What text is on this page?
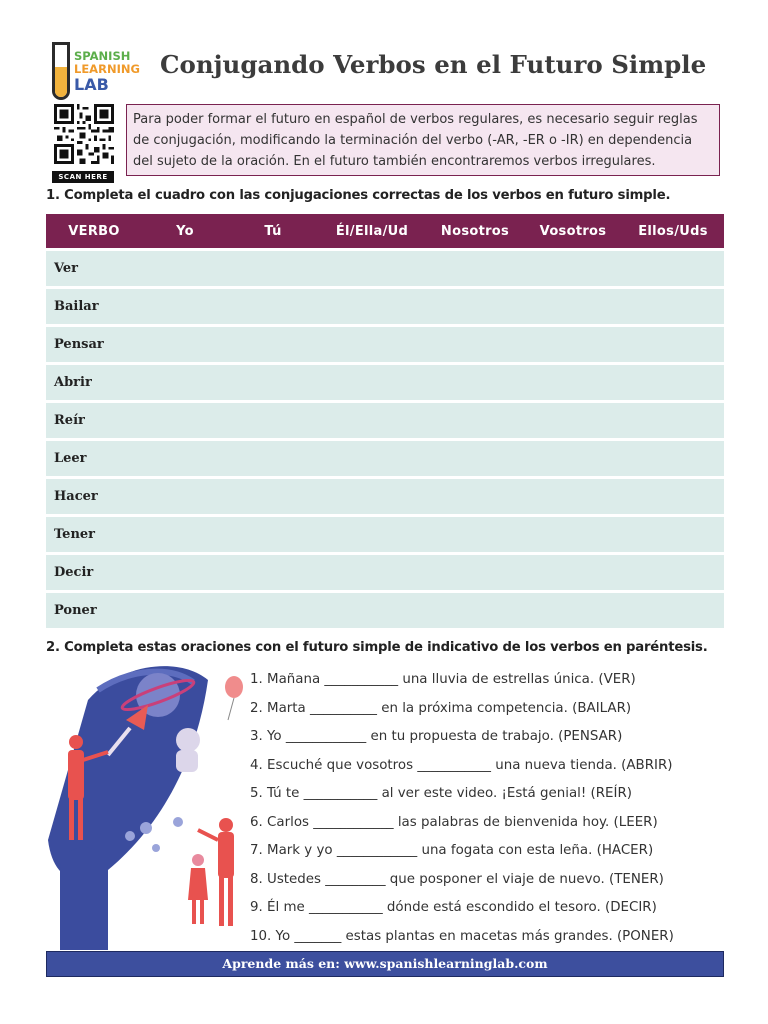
SPANISH
LEARNING
LAB
Conjugando Verbos en el Futuro Simple
SCAN HERE
Para poder formar el futuro en español de verbos regulares, es necesario seguir reglas de conjugación, modificando la terminación del verbo (-AR, -ER o -IR) en dependencia del sujeto de la oración. En el futuro también encontraremos verbos irregulares.
1. Completa el cuadro con las conjugaciones correctas de los verbos en futuro simple.
VERBO	Yo	Tú	Él/Ella/Ud	Nosotros	Vosotros	Ellos/Uds
Ver
Bailar
Pensar
Abrir
Reír
Leer
Hacer
Tener
Decir
Poner
2. Completa estas oraciones con el futuro simple de indicativo de los verbos en paréntesis.
1. Mañana ___________ una lluvia de estrellas única. (VER)
2. Marta __________ en la próxima competencia. (BAILAR)
3. Yo ____________ en tu propuesta de trabajo. (PENSAR)
4. Escuché que vosotros ___________ una nueva tienda. (ABRIR)
5. Tú te ___________ al ver este video. ¡Está genial! (REÍR)
6. Carlos ____________ las palabras de bienvenida hoy. (LEER)
7. Mark y yo ____________ una fogata con esta leña. (HACER)
8. Ustedes _________ que posponer el viaje de nuevo. (TENER)
9. Él me ___________ dónde está escondido el tesoro. (DECIR)
10. Yo _______ estas plantas en macetas más grandes. (PONER)
Aprende más en: www.spanishlearninglab.com
